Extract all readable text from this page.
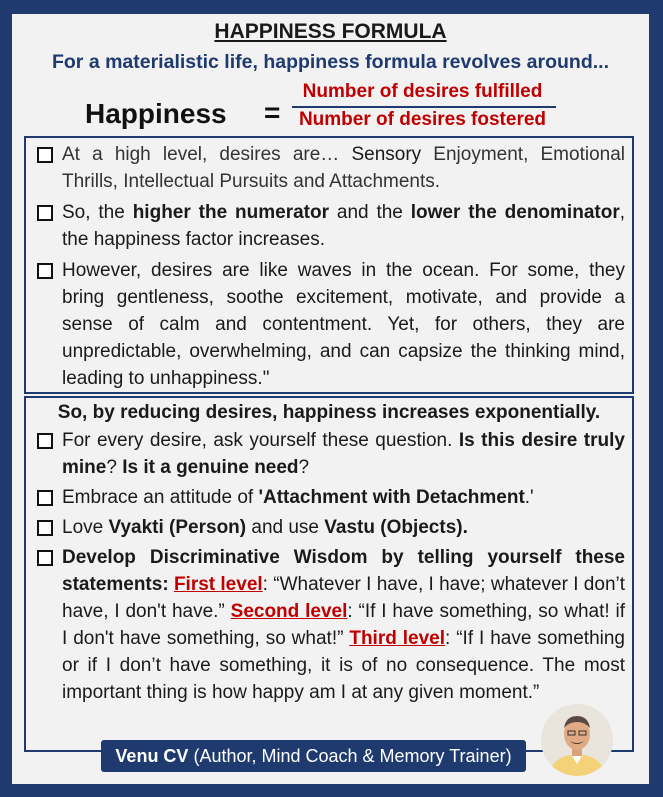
HAPPINESS FORMULA
For a materialistic life, happiness formula revolves around...
Happiness =
Number of desires fulfilled
Number of desires fostered
At a high level, desires are… Sensory Enjoyment, Emotional Thrills, Intellectual Pursuits and Attachments.
So, the higher the numerator and the lower the denominator, the happiness factor increases.
However, desires are like waves in the ocean. For some, they bring gentleness, soothe excitement, motivate, and provide a sense of calm and contentment. Yet, for others, they are unpredictable, overwhelming, and can capsize the thinking mind, leading to unhappiness."
So, by reducing desires, happiness increases exponentially.
For every desire, ask yourself these question. Is this desire truly mine? Is it a genuine need?
Embrace an attitude of 'Attachment with Detachment.'
Love Vyakti (Person) and use Vastu (Objects).
Develop Discriminative Wisdom by telling yourself these statements: First level: “Whatever I have, I have; whatever I don’t have, I don't have.” Second level: “If I have something, so what! if I don't have something, so what!” Third level: “If I have something or if I don’t have something, it is of no consequence. The most important thing is how happy am I at any given moment.”
Venu CV (Author, Mind Coach & Memory Trainer)
